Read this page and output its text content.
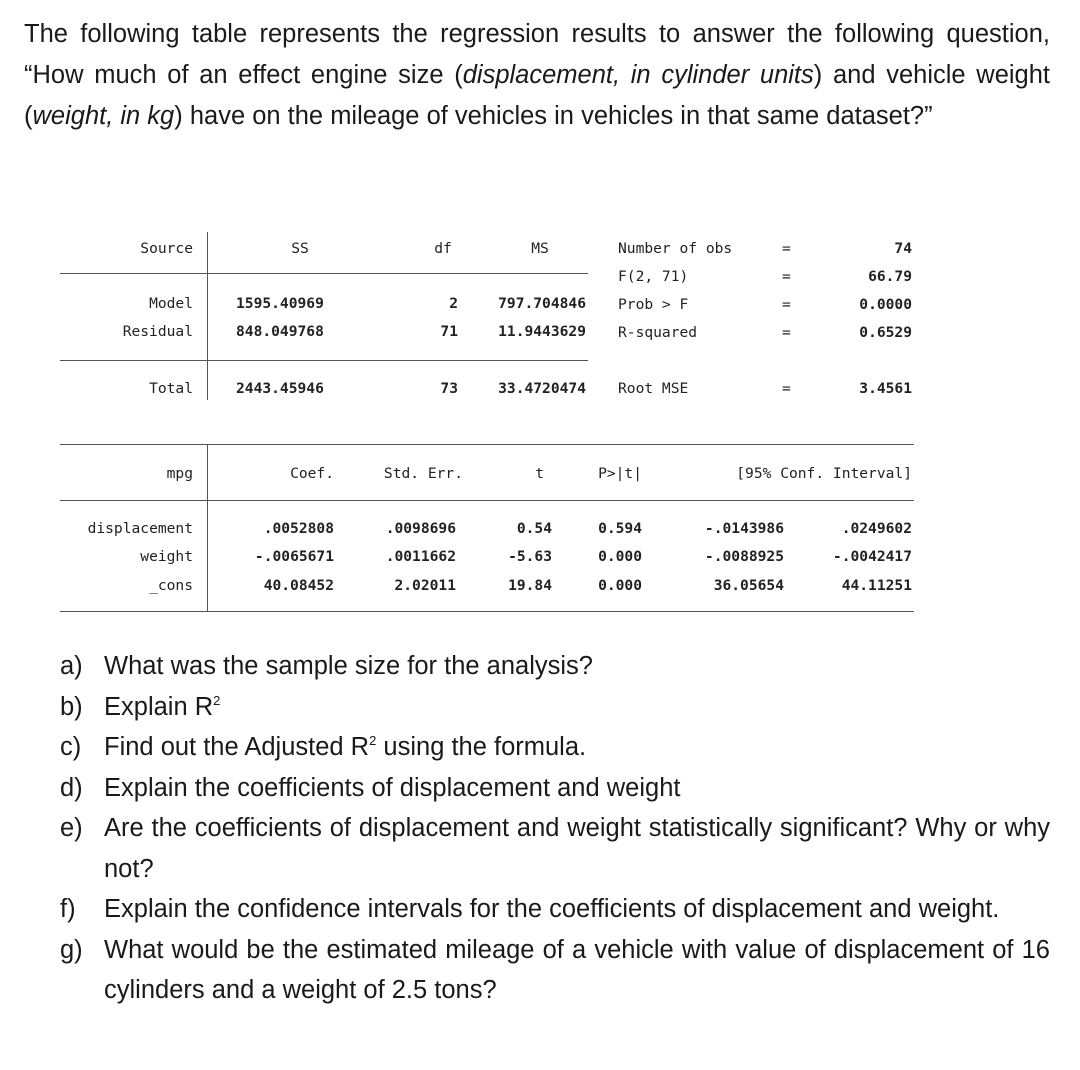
The following table represents the regression results to answer the following question, “How much of an effect engine size (displacement, in cylinder units) and vehicle weight (weight, in kg) have on the mileage of vehicles in vehicles in that same dataset?”

Source	SS	df	MS
Model	1595.40969	2	797.704846
Residual	848.049768	71	11.9443629
Total	2443.45946	73	33.4720474
Number of obs	=	74
F(2, 71)	=	66.79
Prob > F	=	0.0000
R-squared	=	0.6529
Root MSE	=	3.4561
mpg	Coef.	Std. Err.	t	P>|t|	[95% Conf. Interval]
displacement	.0052808	.0098696	0.54	0.594	-.0143986	.0249602
weight	-.0065671	.0011662	-5.63	0.000	-.0088925	-.0042417
_cons	40.08452	2.02011	19.84	0.000	36.05654	44.11251
a) What was the sample size for the analysis?
b) Explain $R^2$
c) Find out the Adjusted $R^2$ using the formula.
d) Explain the coefficients of displacement and weight
e) Are the coefficients of displacement and weight statistically significant? Why or why not?
f) Explain the confidence intervals for the coefficients of displacement and weight.
g) What would be the estimated mileage of a vehicle with value of displacement of 16 cylinders and a weight of 2.5 tons?
